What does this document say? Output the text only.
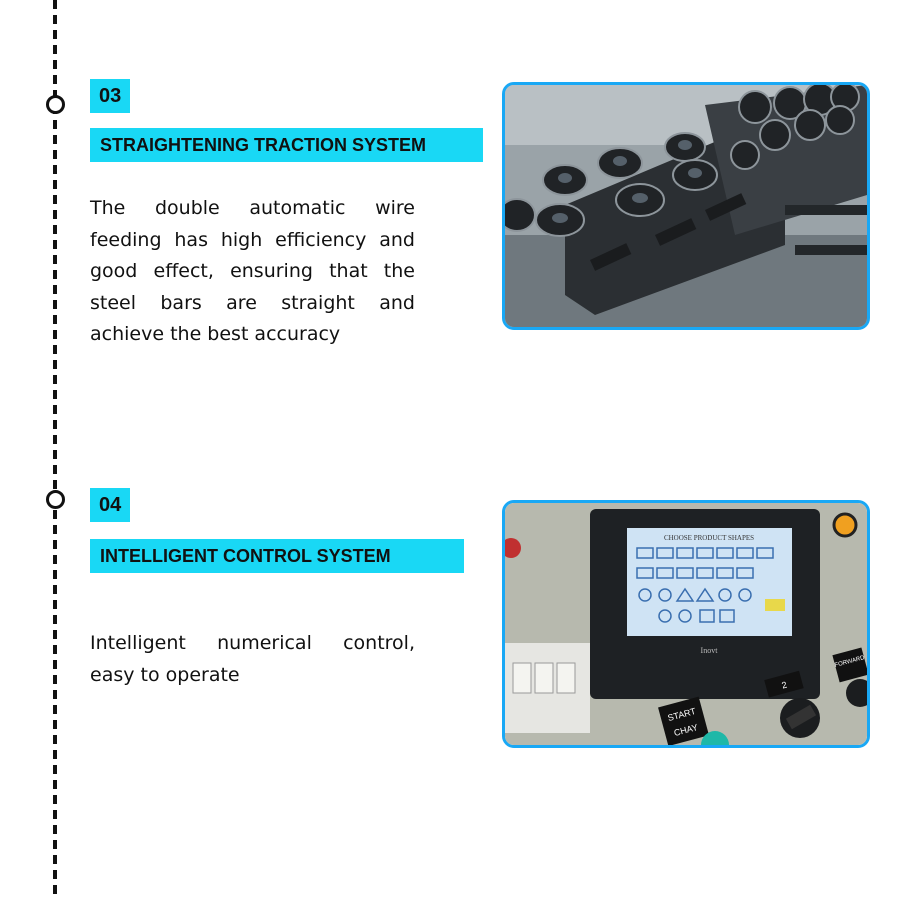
03
STRAIGHTENING TRACTION SYSTEM
The double automatic wire feeding has high efficiency and good effect, ensuring that the steel bars are straight and achieve the best accuracy
04
INTELLIGENT CONTROL SYSTEM
Intelligent numerical control, easy to operate
CHOOSE PRODUCT SHAPES
Inovt
START
CHAY
2
FORWARD
